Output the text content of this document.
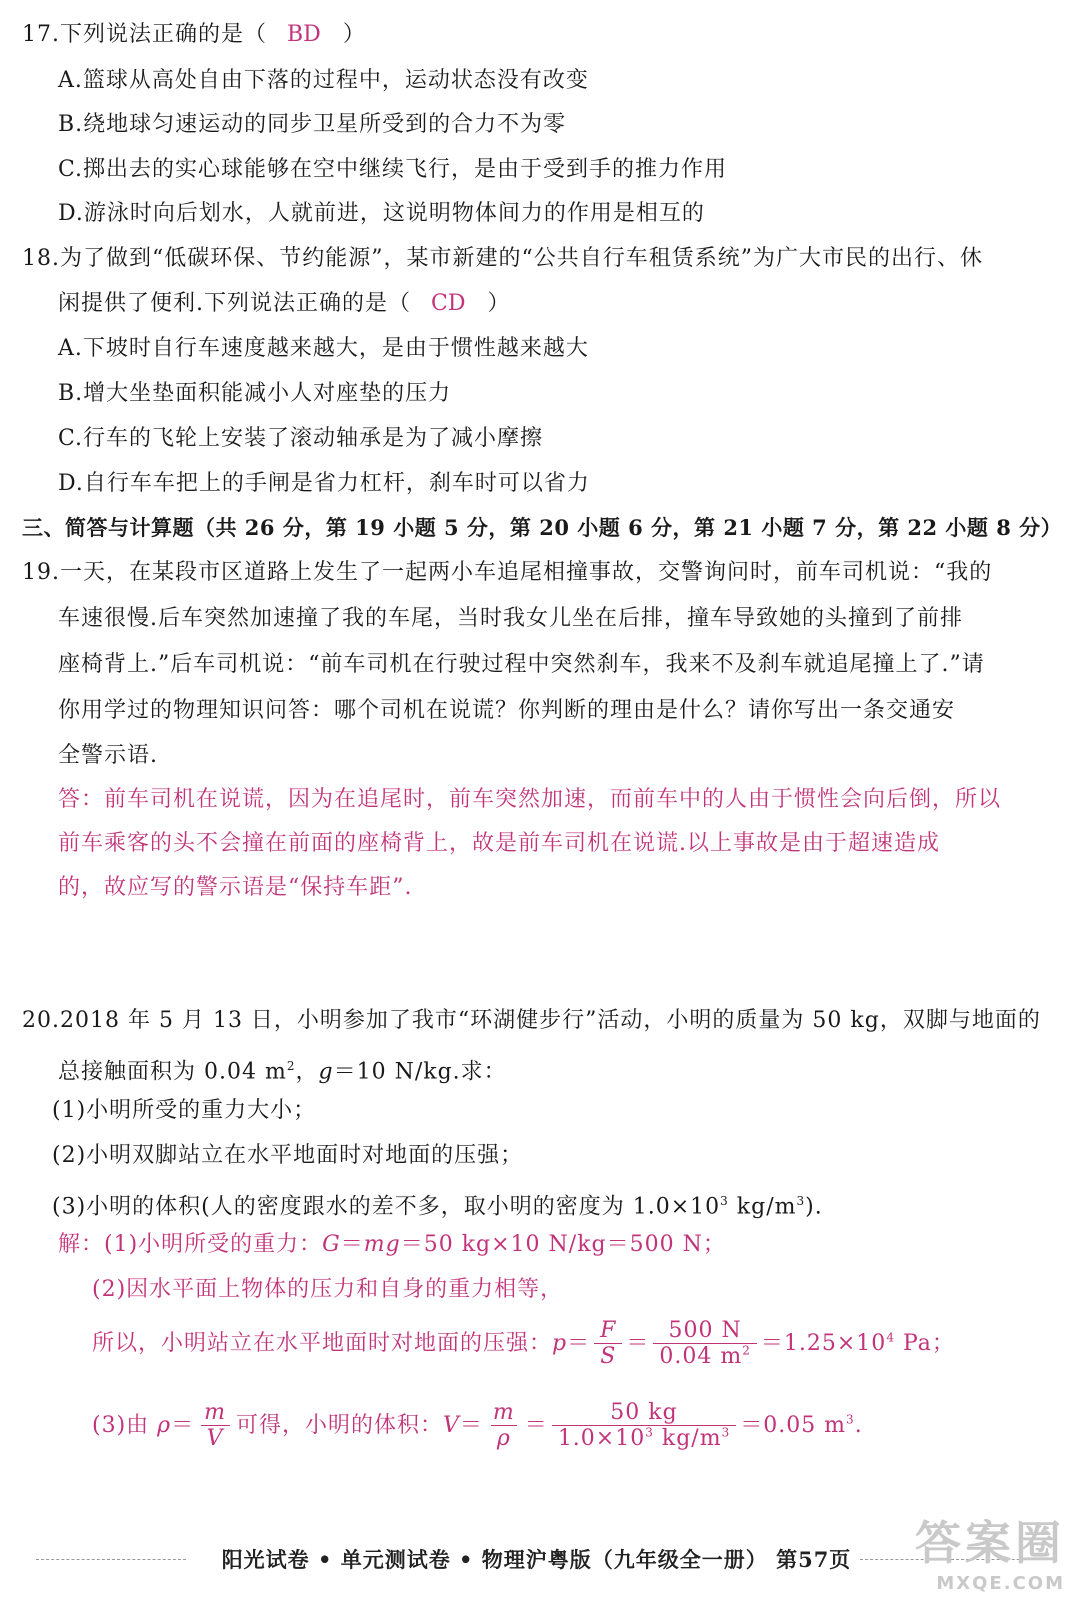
17.下列说法正确的是（ BD ）
A.篮球从高处自由下落的过程中，运动状态没有改变
B.绕地球匀速运动的同步卫星所受到的合力不为零
C.掷出去的实心球能够在空中继续飞行，是由于受到手的推力作用
D.游泳时向后划水，人就前进，这说明物体间力的作用是相互的
18.为了做到“低碳环保、节约能源”，某市新建的“公共自行车租赁系统”为广大市民的出行、休
闲提供了便利.下列说法正确的是（ CD ）
A.下坡时自行车速度越来越大，是由于惯性越来越大
B.增大坐垫面积能减小人对座垫的压力
C.行车的飞轮上安装了滚动轴承是为了减小摩擦
D.自行车车把上的手闸是省力杠杆，刹车时可以省力
三、简答与计算题（共 26 分，第 19 小题 5 分，第 20 小题 6 分，第 21 小题 7 分，第 22 小题 8 分）
19.一天，在某段市区道路上发生了一起两小车追尾相撞事故，交警询问时，前车司机说：“我的
车速很慢.后车突然加速撞了我的车尾，当时我女儿坐在后排，撞车导致她的头撞到了前排
座椅背上.”后车司机说：“前车司机在行驶过程中突然刹车，我来不及刹车就追尾撞上了.”请
你用学过的物理知识问答：哪个司机在说谎？你判断的理由是什么？请你写出一条交通安
全警示语.
答：前车司机在说谎，因为在追尾时，前车突然加速，而前车中的人由于惯性会向后倒，所以
前车乘客的头不会撞在前面的座椅背上，故是前车司机在说谎.以上事故是由于超速造成
的，故应写的警示语是“保持车距”.
20.2018 年 5 月 13 日，小明参加了我市“环湖健步行”活动，小明的质量为 50 kg，双脚与地面的
总接触面积为 0.04 $m^2$，g＝10 N/kg.求：
(1)小明所受的重力大小；
(2)小明双脚站立在水平地面时对地面的压强；
(3)小明的体积(人的密度跟水的差不多，取小明的密度为 $1.0\times 10^3$ $kg/m^3$).
解：(1)小明所受的重力：G＝mg＝50 kg×10 N/kg＝500 N；
(2)因水平面上物体的压力和自身的重力相等，
所以，小明站立在水平地面时对地面的压强：$p= \frac{F}{S} = \frac{500 N}{0.04 m^2} =1.25\times 10^4$ Pa；
(3)由 $\rho= \frac{m}{V}$ 可得，小明的体积：$V= \frac{m}{\rho} = \frac{50 kg}{1.0\times 10^3 kg/m^3} =0.05$ $m^3$.
阳光试卷 • 单元测试卷 • 物理沪粤版（九年级全一册） 第57页	答案圈
MXQE.COM
